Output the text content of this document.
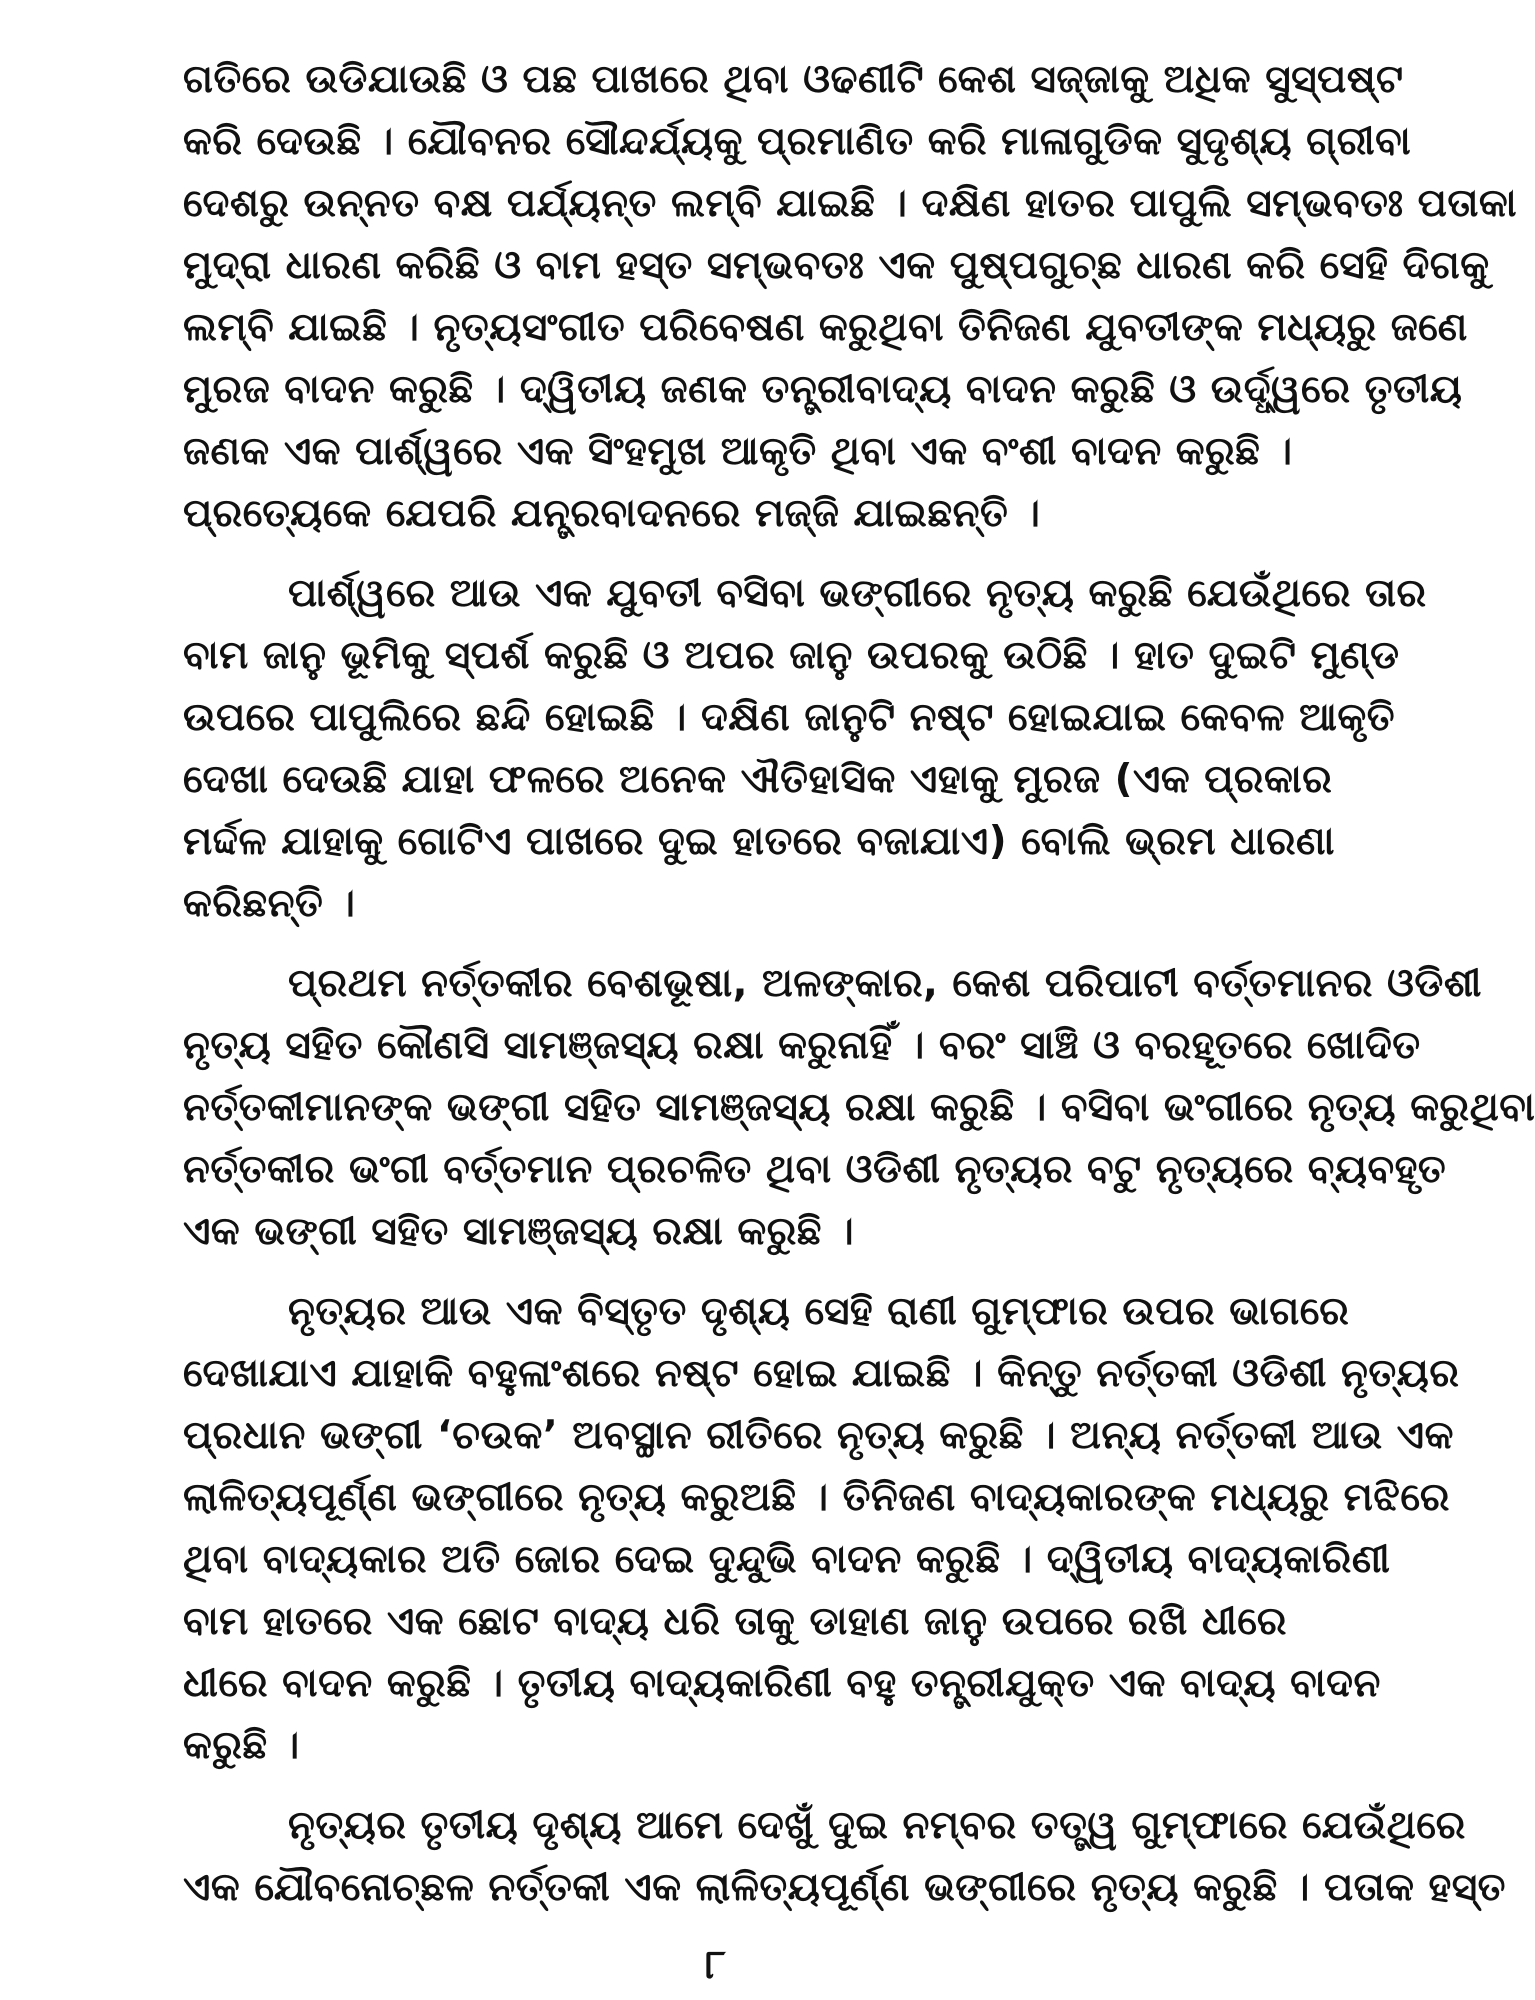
ଗତିରେ ଉଡିଯାଉଛି ଓ ପଛ ପାଖରେ ଥିବା ଓଢଣୀଟି କେଶ ସଜ୍ଜାକୁ ଅଧିକ ସୁସ୍ପଷ୍ଟ
କରି ଦେଉଛି । ଯୌବନର ସୌନ୍ଦର୍ଯ୍ୟକୁ ପ୍ରମାଣିତ କରି ମାଳାଗୁଡିକ ସୁଦୃଶ୍ୟ ଗ୍ରୀବା
ଦେଶରୁ ଉନ୍ନତ ବକ୍ଷ ପର୍ଯ୍ୟନ୍ତ ଲମ୍ବି ଯାଇଛି । ଦକ୍ଷିଣ ହାତର ପାପୁଲି ସମ୍ଭବତଃ ପତାକା
ମୁଦ୍ରା ଧାରଣ କରିଛି ଓ ବାମ ହସ୍ତ ସମ୍ଭବତଃ ଏକ ପୁଷ୍ପଗୁଚ୍ଛ ଧାରଣ କରି ସେହି ଦିଗକୁ
ଲମ୍ବି ଯାଇଛି । ନୃତ୍ୟସଂଗୀତ ପରିବେଷଣ କରୁଥିବା ତିନିଜଣ ଯୁବତୀଙ୍କ ମଧ୍ୟରୁ ଜଣେ
ମୁରଜ ବାଦନ କରୁଛି । ଦ୍ୱିତୀୟ ଜଣକ ତନ୍ତ୍ରୀବାଦ୍ୟ ବାଦନ କରୁଛି ଓ ଉର୍ଦ୍ଧ୍ୱରେ ତୃତୀୟ
ଜଣକ ଏକ ପାର୍ଶ୍ୱରେ ଏକ ସିଂହମୁଖ ଆକୃତି ଥିବା ଏକ ବଂଶୀ ବାଦନ କରୁଛି ।
ପ୍ରତ୍ୟେକେ ଯେପରି ଯନ୍ତ୍ରବାଦନରେ ମଜ୍ଜି ଯାଇଛନ୍ତି ।
ପାର୍ଶ୍ୱରେ ଆଉ ଏକ ଯୁବତୀ ବସିବା ଭଙ୍ଗୀରେ ନୃତ୍ୟ କରୁଛି ଯେଉଁଥିରେ ତାର
ବାମ ଜାନୁ ଭୂମିକୁ ସ୍ପର୍ଶ କରୁଛି ଓ ଅପର ଜାନୁ ଉପରକୁ ଉଠିଛି । ହାତ ଦୁଇଟି ମୁଣ୍ଡ
ଉପରେ ପାପୁଲିରେ ଛନ୍ଦି ହୋଇଛି । ଦକ୍ଷିଣ ଜାନୁଟି ନଷ୍ଟ ହୋଇଯାଇ କେବଳ ଆକୃତି
ଦେଖା ଦେଉଛି ଯାହା ଫଳରେ ଅନେକ ଐତିହାସିକ ଏହାକୁ ମୁରଜ (ଏକ ପ୍ରକାର
ମର୍ଦ୍ଦଳ ଯାହାକୁ ଗୋଟିଏ ପାଖରେ ଦୁଇ ହାତରେ ବଜାଯାଏ) ବୋଲି ଭ୍ରମ ଧାରଣା
କରିଛନ୍ତି ।
ପ୍ରଥମ ନର୍ତ୍ତକୀର ବେଶଭୂଷା, ଅଳଙ୍କାର, କେଶ ପରିପାଟୀ ବର୍ତ୍ତମାନର ଓଡିଶୀ
ନୃତ୍ୟ ସହିତ କୌଣସି ସାମଞ୍ଜସ୍ୟ ରକ୍ଷା କରୁନାହିଁ । ବରଂ ସାଞ୍ଚି ଓ ବରହୂତରେ ଖୋଦିତ
ନର୍ତ୍ତକୀମାନଙ୍କ ଭଙ୍ଗୀ ସହିତ ସାମଞ୍ଜସ୍ୟ ରକ୍ଷା କରୁଛି । ବସିବା ଭଂଗୀରେ ନୃତ୍ୟ କରୁଥିବା
ନର୍ତ୍ତକୀର ଭଂଗୀ ବର୍ତ୍ତମାନ ପ୍ରଚଳିତ ଥିବା ଓଡିଶୀ ନୃତ୍ୟର ବଟୁ ନୃତ୍ୟରେ ବ୍ୟବହୃତ
ଏକ ଭଙ୍ଗୀ ସହିତ ସାମଞ୍ଜସ୍ୟ ରକ୍ଷା କରୁଛି ।
ନୃତ୍ୟର ଆଉ ଏକ ବିସ୍ତୃତ ଦୃଶ୍ୟ ସେହି ରାଣୀ ଗୁମ୍ଫାର ଉପର ଭାଗରେ
ଦେଖାଯାଏ ଯାହାକି ବହୁଳାଂଶରେ ନଷ୍ଟ ହୋଇ ଯାଇଛି । କିନ୍ତୁ ନର୍ତ୍ତକୀ ଓଡିଶୀ ନୃତ୍ୟର
ପ୍ରଧାନ ଭଙ୍ଗୀ ‘ଚଉକ’ ଅବସ୍ଥାନ ରୀତିରେ ନୃତ୍ୟ କରୁଛି । ଅନ୍ୟ ନର୍ତ୍ତକୀ ଆଉ ଏକ
ଲାଳିତ୍ୟପୂର୍ଣ୍ଣ ଭଙ୍ଗୀରେ ନୃତ୍ୟ କରୁଅଛି । ତିନିଜଣ ବାଦ୍ୟକାରଙ୍କ ମଧ୍ୟରୁ ମଝିରେ
ଥିବା ବାଦ୍ୟକାର ଅତି ଜୋର ଦେଇ ଦୁନ୍ଦୁଭି ବାଦନ କରୁଛି । ଦ୍ୱିତୀୟ ବାଦ୍ୟକାରିଣୀ
ବାମ ହାତରେ ଏକ ଛୋଟ ବାଦ୍ୟ ଧରି ତାକୁ ଡାହାଣ ଜାନୁ ଉପରେ ରଖି ଧୀରେ
ଧୀରେ ବାଦନ କରୁଛି । ତୃତୀୟ ବାଦ୍ୟକାରିଣୀ ବହୁ ତନ୍ତ୍ରୀଯୁକ୍ତ ଏକ ବାଦ୍ୟ ବାଦନ
କରୁଛି ।
ନୃତ୍ୟର ତୃତୀୟ ଦୃଶ୍ୟ ଆମେ ଦେଖୁଁ ଦୁଇ ନମ୍ବର ତତ୍ତ୍ୱ ଗୁମ୍ଫାରେ ଯେଉଁଥିରେ
ଏକ ଯୌବନୋଚ୍ଛଳ ନର୍ତ୍ତକୀ ଏକ ଲାଳିତ୍ୟପୂର୍ଣ୍ଣ ଭଙ୍ଗୀରେ ନୃତ୍ୟ କରୁଛି । ପତାକ ହସ୍ତ
୮
